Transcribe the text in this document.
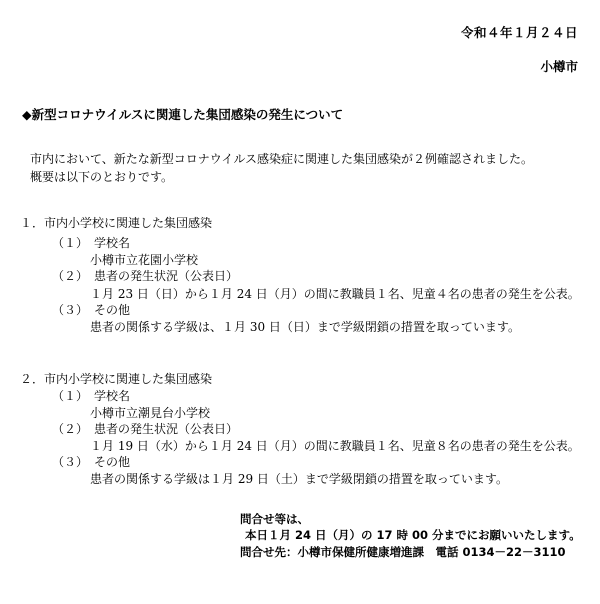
令和４年１月２４日
小樽市
◆新型コロナウイルスに関連した集団感染の発生について
市内において、新たな新型コロナウイルス感染症に関連した集団感染が２例確認されました。
概要は以下のとおりです。
１．市内小学校に関連した集団感染
（１）　学校名
小樽市立花園小学校
（２）　患者の発生状況（公表日）
１月 23 日（日）から１月 24 日（月）の間に教職員１名、児童４名の患者の発生を公表。
（３）　その他
患者の関係する学級は、１月 30 日（日）まで学級閉鎖の措置を取っています。
２．市内小学校に関連した集団感染
（１）　学校名
小樽市立潮見台小学校
（２）　患者の発生状況（公表日）
１月 19 日（水）から１月 24 日（月）の間に教職員１名、児童８名の患者の発生を公表。
（３）　その他
患者の関係する学級は１月 29 日（土）まで学級閉鎖の措置を取っています。
問合せ等は、
本日１月 24 日（月）の 17 時 00 分までにお願いいたします。
問合せ先：小樽市保健所健康増進課　電話 0134－22－3110
